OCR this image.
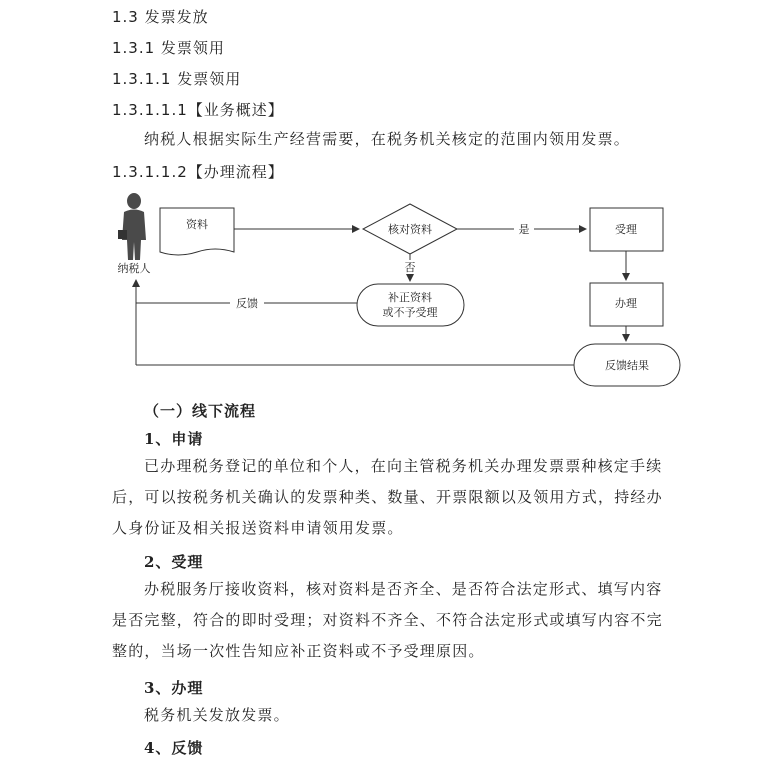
1.3 发票发放
1.3.1 发票领用
1.3.1.1 发票领用
1.3.1.1.1【业务概述】

纳税人根据实际生产经营需要，在税务机关核定的范围内领用发票。

1.3.1.1.2【办理流程】
纳税人
资料	核对资料	是	受理
否
补正资料
或不予受理
反馈	办理
反馈结果
（一）线下流程
1、申请

已办理税务登记的单位和个人，在向主管税务机关办理发票票种核定手续后，可以按税务机关确认的发票种类、数量、开票限额以及领用方式，持经办人身份证及相关报送资料申请领用发票。

2、受理

办税服务厅接收资料，核对资料是否齐全、是否符合法定形式、填写内容是否完整，符合的即时受理；对资料不齐全、不符合法定形式或填写内容不完整的，当场一次性告知应补正资料或不予受理原因。

3、办理

税务机关发放发票。

4、反馈
